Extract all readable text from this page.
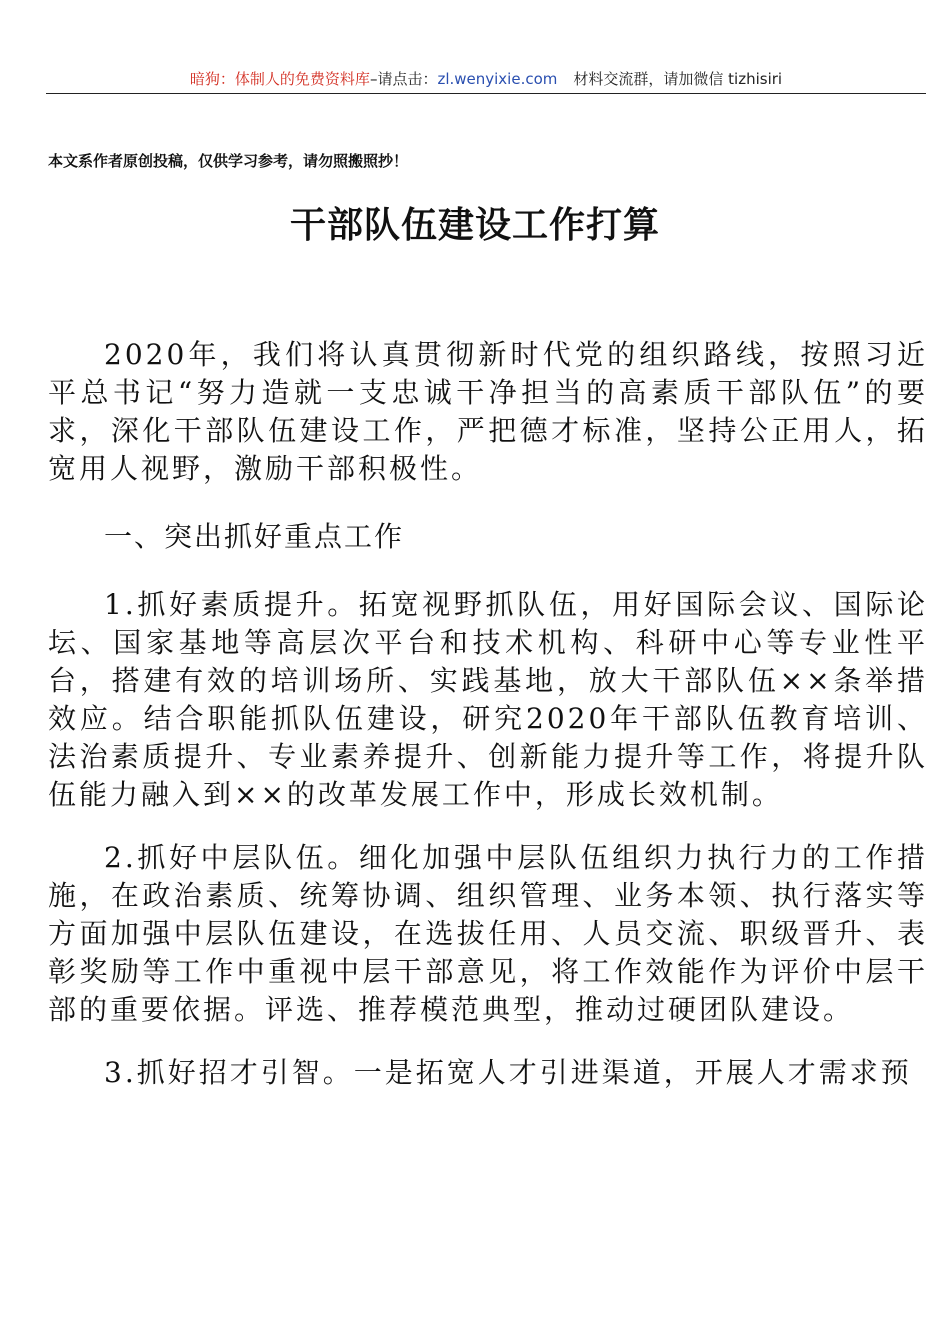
暗狗：体制人的免费资料库–请点击：zl.wenyixie.com 材料交流群，请加微信 tizhisiri
本文系作者原创投稿，仅供学习参考，请勿照搬照抄！
干部队伍建设工作打算

2020年，我们将认真贯彻新时代党的组织路线，按照习近平总书记“努力造就一支忠诚干净担当的高素质干部队伍”的要求，深化干部队伍建设工作，严把德才标准，坚持公正用人，拓宽用人视野，激励干部积极性。

一、突出抓好重点工作

1.抓好素质提升。拓宽视野抓队伍，用好国际会议、国际论坛、国家基地等高层次平台和技术机构、科研中心等专业性平台，搭建有效的培训场所、实践基地，放大干部队伍××条举措效应。结合职能抓队伍建设，研究2020年干部队伍教育培训、法治素质提升、专业素养提升、创新能力提升等工作，将提升队伍能力融入到××的改革发展工作中，形成长效机制。

2.抓好中层队伍。细化加强中层队伍组织力执行力的工作措施，在政治素质、统筹协调、组织管理、业务本领、执行落实等方面加强中层队伍建设，在选拔任用、人员交流、职级晋升、表彰奖励等工作中重视中层干部意见，将工作效能作为评价中层干部的重要依据。评选、推荐模范典型，推动过硬团队建设。

3.抓好招才引智。一是拓宽人才引进渠道，开展人才需求预
